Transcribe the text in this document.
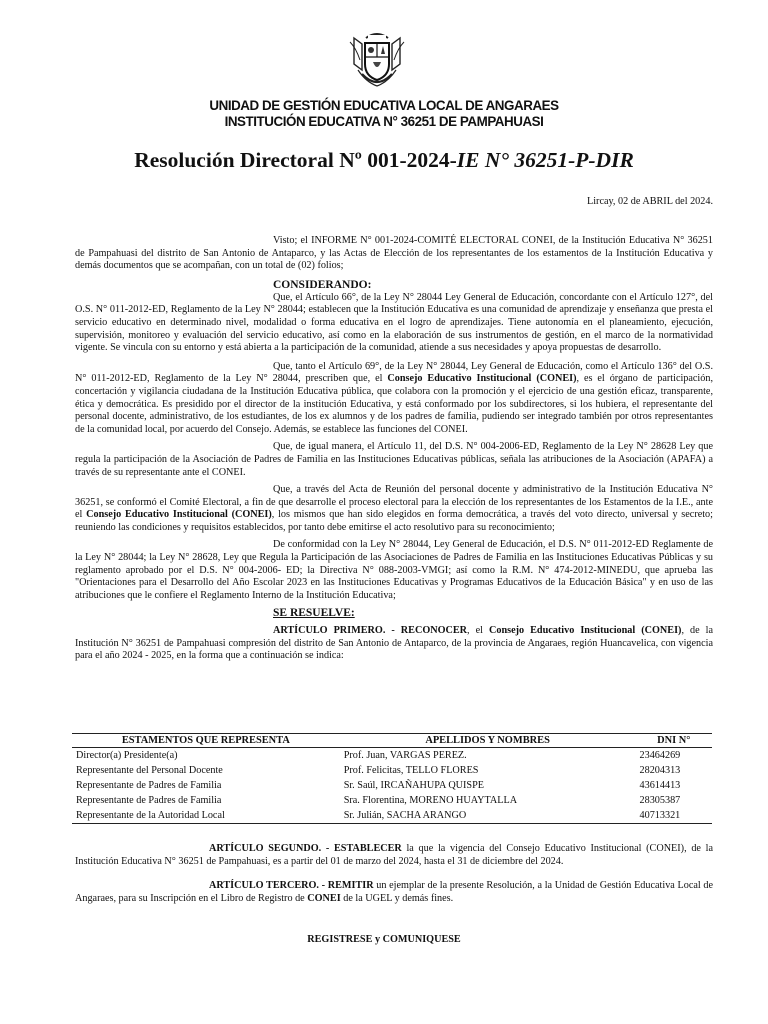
UNIDAD DE GESTIÓN EDUCATIVA LOCAL DE ANGARAES

INSTITUCIÓN EDUCATIVA N° 36251 DE PAMPAHUASI

Resolución Directoral Nº 001-2024-IE N° 36251-P-DIR

Lircay, 02 de ABRIL del 2024.

Visto; el INFORME N° 001-2024-COMITÉ ELECTORAL CONEI, de la Institución Educativa N° 36251 de Pampahuasi del distrito de San Antonio de Antaparco, y las Actas de Elección de los representantes de los estamentos de la Institución Educativa y demás documentos que se acompañan, con un total de (02) folios;

CONSIDERANDO:

Que, el Artículo 66°, de la Ley N° 28044 Ley General de Educación, concordante con el Artículo 127°, del O.S. N° 011-2012-ED, Reglamento de la Ley N° 28044; establecen que la Institución Educativa es una comunidad de aprendizaje y enseñanza que presta el servicio educativo en determinado nivel, modalidad o forma educativa en el logro de aprendizajes. Tiene autonomía en el planeamiento, ejecución, supervisión, monitoreo y evaluación del servicio educativo, así como en la elaboración de sus instrumentos de gestión, en el marco de la normatividad vigente. Se vincula con su entorno y está abierta a la participación de la comunidad, atiende a sus necesidades y apoya propuestas de desarrollo.

Que, tanto el Artículo 69°, de la Ley N° 28044, Ley General de Educación, como el Artículo 136° del O.S. N° 011-2012-ED, Reglamento de la Ley N° 28044, prescriben que, el Consejo Educativo Institucional (CONEI), es el órgano de participación, concertación y vigilancia ciudadana de la Institución Educativa pública, que colabora con la promoción y el ejercicio de una gestión eficaz, transparente, ética y democrática. Es presidido por el director de la institución Educativa, y está conformado por los subdirectores, si los hubiera, el representante del personal docente, administrativo, de los estudiantes, de los ex alumnos y de los padres de familia, pudiendo ser integrado también por otros representantes de la comunidad local, por acuerdo del Consejo. Además, se establece las funciones del CONEI.

Que, de igual manera, el Artículo 11, del D.S. N° 004-2006-ED, Reglamento de la Ley N° 28628 Ley que regula la participación de la Asociación de Padres de Familia en las Instituciones Educativas públicas, señala las atribuciones de la Asociación (APAFA) a través de su representante ante el CONEI.

Que, a través del Acta de Reunión del personal docente y administrativo de la Institución Educativa N° 36251, se conformó el Comité Electoral, a fin de que desarrolle el proceso electoral para la elección de los representantes de los Estamentos de la I.E., ante el Consejo Educativo Institucional (CONEI), los mismos que han sido elegidos en forma democrática, a través del voto directo, universal y secreto; reuniendo las condiciones y requisitos establecidos, por tanto debe emitirse el acto resolutivo para su reconocimiento;

De conformidad con la Ley N° 28044, Ley General de Educación, el D.S. N° 011-2012-ED Reglamente de la Ley N° 28044; la Ley N° 28628, Ley que Regula la Participación de las Asociaciones de Padres de Familia en las Instituciones Educativas Públicas y su reglamento aprobado por el D.S. N° 004-2006- ED; la Directiva N° 088-2003-VMGI; así como la R.M. N° 474-2012-MINEDU, que aprueba las "Orientaciones para el Desarrollo del Año Escolar 2023 en las Instituciones Educativas y Programas Educativos de la Educación Básica" y en uso de las atribuciones que le confiere el Reglamento Interno de la Institución Educativa;

SE RESUELVE:

ARTÍCULO PRIMERO. - RECONOCER, el Consejo Educativo Institucional (CONEI), de la Institución N° 36251 de Pampahuasi compresión del distrito de San Antonio de Antaparco, de la provincia de Angaraes, región Huancavelica, con vigencia para el año 2024 - 2025, en la forma que a continuación se indica:

ESTAMENTOS QUE REPRESENTA	APELLIDOS Y NOMBRES	DNI N°
Director(a) Presidente(a)	Prof. Juan, VARGAS PEREZ.	23464269
Representante del Personal Docente	Prof. Felicitas, TELLO FLORES	28204313
Representante de Padres de Familia	Sr. Saúl, IRCAÑAHUPA QUISPE	43614413
Representante de Padres de Familia	Sra. Florentina, MORENO HUAYTALLA	28305387
Representante de la Autoridad Local	Sr. Julián, SACHA ARANGO	40713321

ARTÍCULO SEGUNDO. - ESTABLECER la que la vigencia del Consejo Educativo Institucional (CONEI), de la Institución Educativa N° 36251 de Pampahuasi, es a partir del 01 de marzo del 2024, hasta el 31 de diciembre del 2024.

ARTÍCULO TERCERO. - REMITIR un ejemplar de la presente Resolución, a la Unidad de Gestión Educativa Local de Angaraes, para su Inscripción en el Libro de Registro de CONEI de la UGEL y demás fines.

REGISTRESE y COMUNIQUESE
